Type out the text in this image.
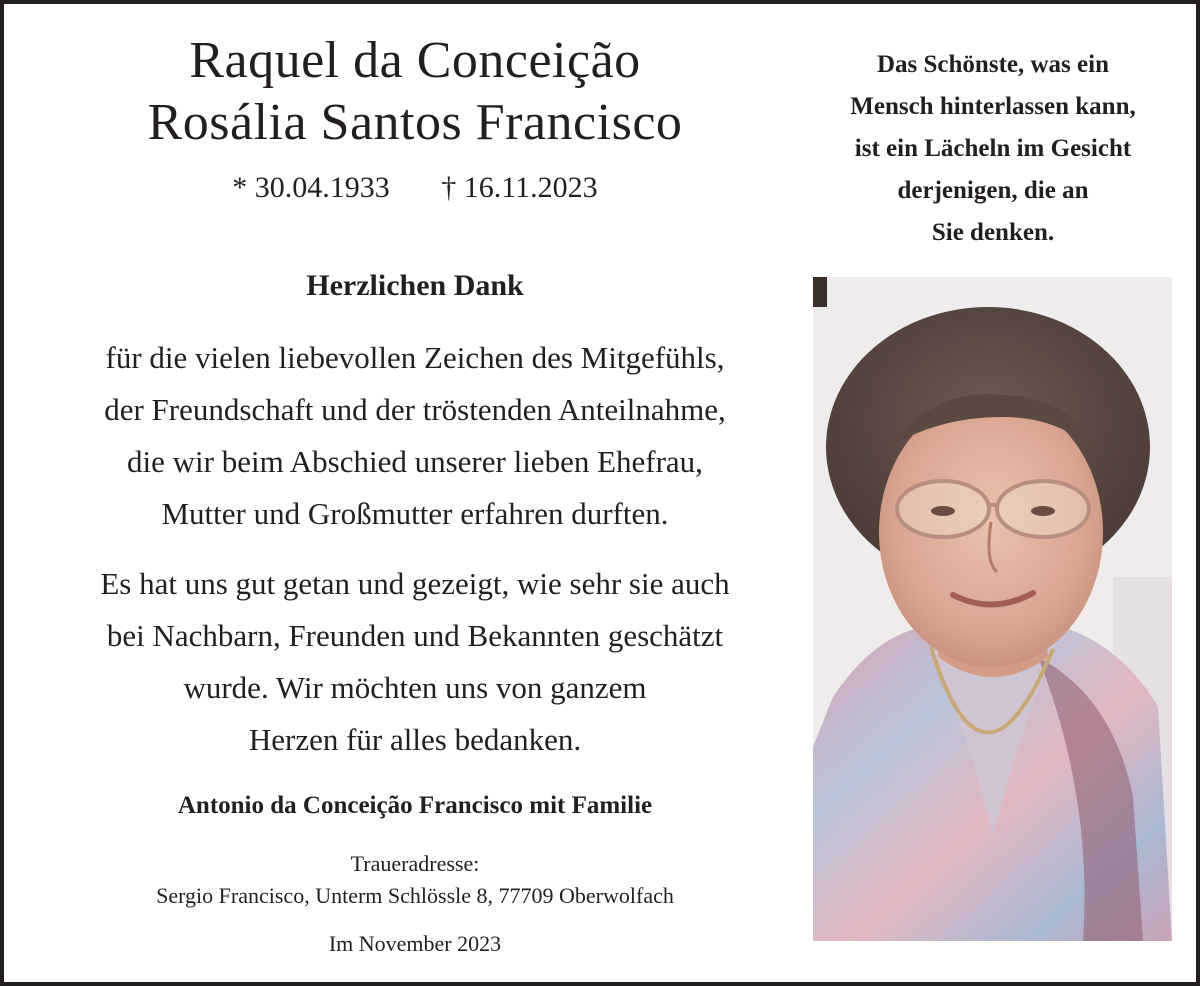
Raquel da Conceição
Rosália Santos Francisco
* 30.04.1933 † 16.11.2023
Herzlichen Dank
für die vielen liebevollen Zeichen des Mitgefühls,
der Freundschaft und der tröstenden Anteilnahme,
die wir beim Abschied unserer lieben Ehefrau,
Mutter und Großmutter erfahren durften.
Es hat uns gut getan und gezeigt, wie sehr sie auch
bei Nachbarn, Freunden und Bekannten geschätzt
wurde. Wir möchten uns von ganzem
Herzen für alles bedanken.
Antonio da Conceição Francisco mit Familie
Traueradresse:
Sergio Francisco, Unterm Schlössle 8, 77709 Oberwolfach
Im November 2023
Das Schönste, was ein
Mensch hinterlassen kann,
ist ein Lächeln im Gesicht
derjenigen, die an
Sie denken.
